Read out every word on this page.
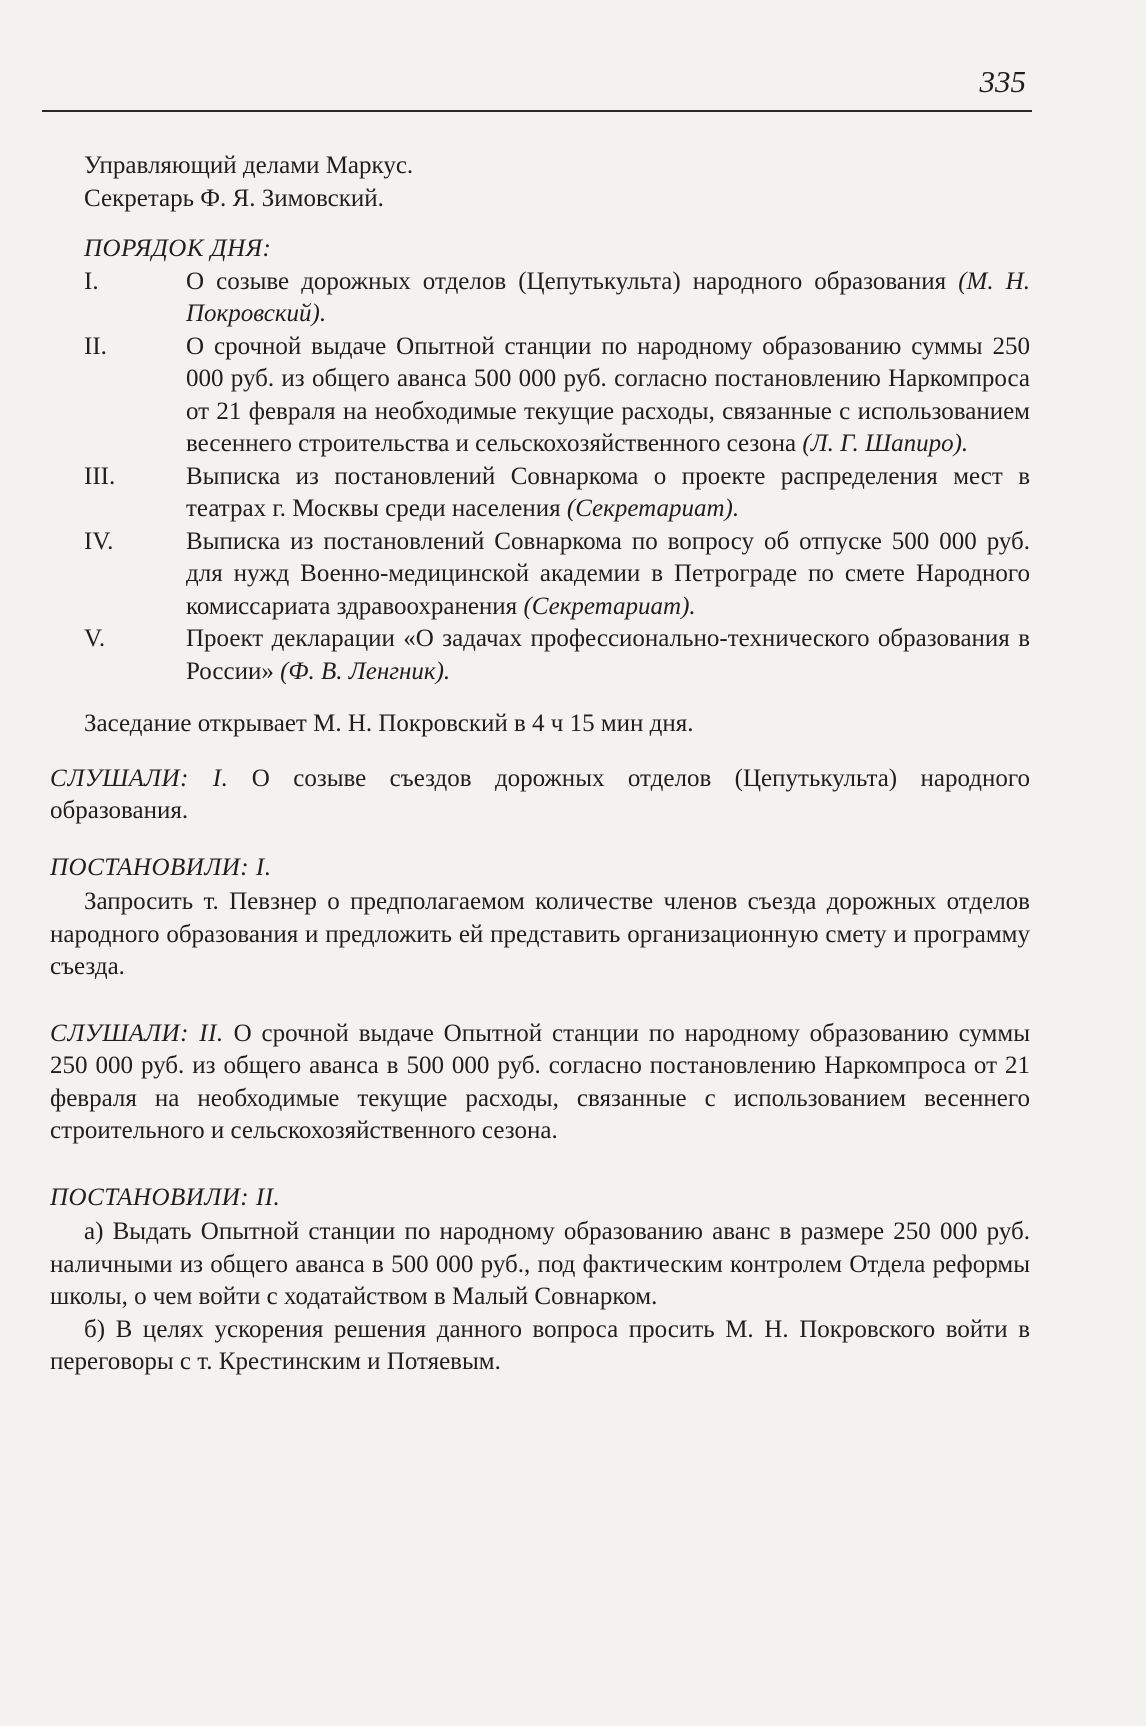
335
Управляющий делами Маркус.
Секретарь Ф. Я. Зимовский.
ПОРЯДОК ДНЯ:
I.	О созыве дорожных отделов (Цепутькульта) народного образования (М. Н. Покровский).
II.	О срочной выдаче Опытной станции по народному образованию суммы 250 000 руб. из общего аванса 500 000 руб. согласно постановлению Наркомпроса от 21 февраля на необходимые текущие расходы, связанные с использованием весеннего строительства и сельскохозяйственного сезона (Л. Г. Шапиро).
III.	Выписка из постановлений Совнаркома о проекте распределения мест в театрах г. Москвы среди населения (Секретариат).
IV.	Выписка из постановлений Совнаркома по вопросу об отпуске 500 000 руб. для нужд Военно-медицинской академии в Петрограде по смете Народного комиссариата здравоохранения (Секретариат).
V.	Проект декларации «О задачах профессионально-технического образования в России» (Ф. В. Ленгник).
Заседание открывает М. Н. Покровский в 4 ч 15 мин дня.
СЛУШАЛИ: I. О созыве съездов дорожных отделов (Цепутькульта) народного образования.
ПОСТАНОВИЛИ: I.
Запросить т. Певзнер о предполагаемом количестве членов съезда дорожных отделов народного образования и предложить ей представить организационную смету и программу съезда.
СЛУШАЛИ: II. О срочной выдаче Опытной станции по народному образованию суммы 250 000 руб. из общего аванса в 500 000 руб. согласно постановлению Наркомпроса от 21 февраля на необходимые текущие расходы, связанные с использованием весеннего строительного и сельскохозяйственного сезона.
ПОСТАНОВИЛИ: II.
а) Выдать Опытной станции по народному образованию аванс в размере 250 000 руб. наличными из общего аванса в 500 000 руб., под фактическим контролем Отдела реформы школы, о чем войти с ходатайством в Малый Совнарком.
б) В целях ускорения решения данного вопроса просить М. Н. Покровского войти в переговоры с т. Крестинским и Потяевым.
